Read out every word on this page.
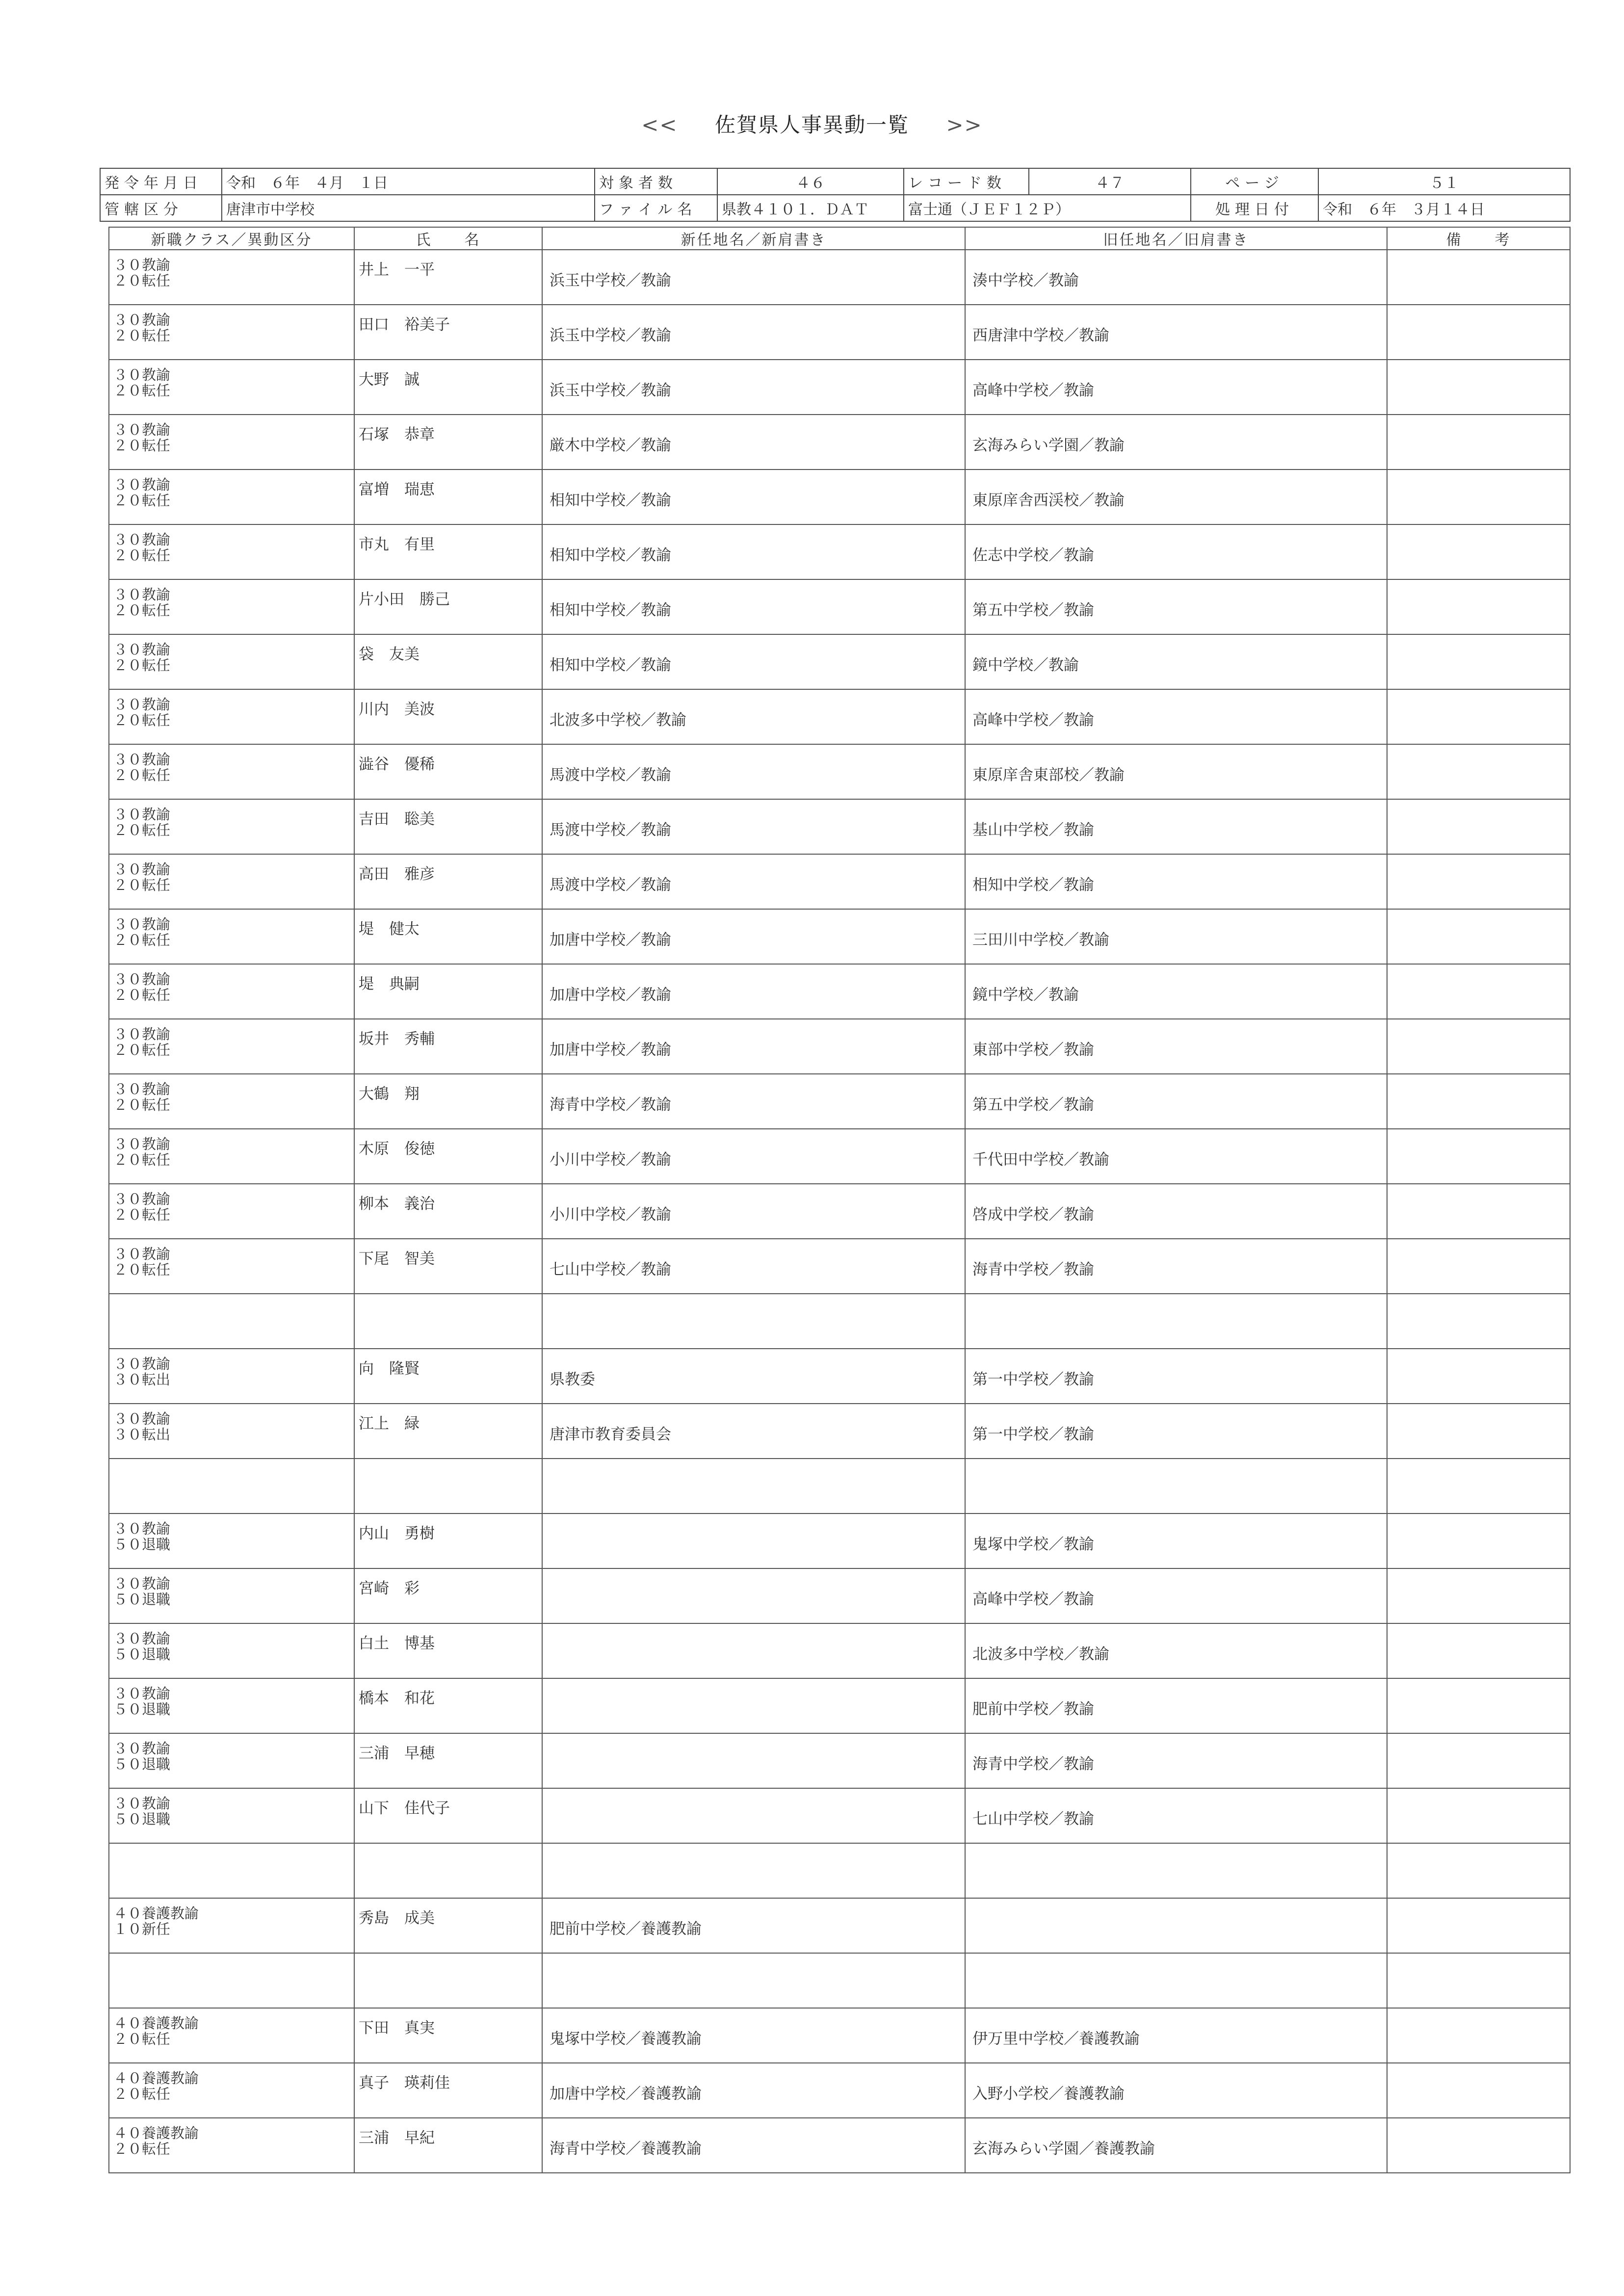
<< 佐賀県人事異動一覧 >>
発令年月日	令和　６年　４月　１日	対象者数	４６	レコード数	４７	ページ	５１
管轄区分	唐津市中学校	ファイル名	県教４１０１．ＤＡＴ	富士通（ＪＥＦ１２Ｐ）		処理日付	令和　６年　３月１４日
新職クラス／異動区分	氏　　名	新任地名／新肩書き	旧任地名／旧肩書き	備　　考

３０教諭
２０転任	井上　一平	浜玉中学校／教諭	湊中学校／教諭	

３０教諭
２０転任	田口　裕美子	浜玉中学校／教諭	西唐津中学校／教諭	

３０教諭
２０転任	大野　誠	浜玉中学校／教諭	高峰中学校／教諭	

３０教諭
２０転任	石塚　恭章	厳木中学校／教諭	玄海みらい学園／教諭	

３０教諭
２０転任	富増　瑞恵	相知中学校／教諭	東原庠舎西渓校／教諭	

３０教諭
２０転任	市丸　有里	相知中学校／教諭	佐志中学校／教諭	

３０教諭
２０転任	片小田　勝己	相知中学校／教諭	第五中学校／教諭	

３０教諭
２０転任	袋　友美	相知中学校／教諭	鏡中学校／教諭	

３０教諭
２０転任	川内　美波	北波多中学校／教諭	高峰中学校／教諭	

３０教諭
２０転任	澁谷　優稀	馬渡中学校／教諭	東原庠舎東部校／教諭	

３０教諭
２０転任	吉田　聡美	馬渡中学校／教諭	基山中学校／教諭	

３０教諭
２０転任	高田　雅彦	馬渡中学校／教諭	相知中学校／教諭	

３０教諭
２０転任	堤　健太	加唐中学校／教諭	三田川中学校／教諭	

３０教諭
２０転任	堤　典嗣	加唐中学校／教諭	鏡中学校／教諭	

３０教諭
２０転任	坂井　秀輔	加唐中学校／教諭	東部中学校／教諭	

３０教諭
２０転任	大鶴　翔	海青中学校／教諭	第五中学校／教諭	

３０教諭
２０転任	木原　俊徳	小川中学校／教諭	千代田中学校／教諭	

３０教諭
２０転任	柳本　義治	小川中学校／教諭	啓成中学校／教諭	

３０教諭
２０転任	下尾　智美	七山中学校／教諭	海青中学校／教諭	

３０教諭
３０転出	向　隆賢	県教委	第一中学校／教諭	

３０教諭
３０転出	江上　緑	唐津市教育委員会	第一中学校／教諭	

３０教諭
５０退職	内山　勇樹		鬼塚中学校／教諭	

３０教諭
５０退職	宮崎　彩		高峰中学校／教諭	

３０教諭
５０退職	白土　博基		北波多中学校／教諭	

３０教諭
５０退職	橋本　和花		肥前中学校／教諭	

３０教諭
５０退職	三浦　早穂		海青中学校／教諭	

３０教諭
５０退職	山下　佳代子		七山中学校／教諭	

４０養護教諭
１０新任	秀島　成美	肥前中学校／養護教諭		

４０養護教諭
２０転任	下田　真実	鬼塚中学校／養護教諭	伊万里中学校／養護教諭	

４０養護教諭
２０転任	真子　瑛莉佳	加唐中学校／養護教諭	入野小学校／養護教諭	

４０養護教諭
２０転任	三浦　早紀	海青中学校／養護教諭	玄海みらい学園／養護教諭	
